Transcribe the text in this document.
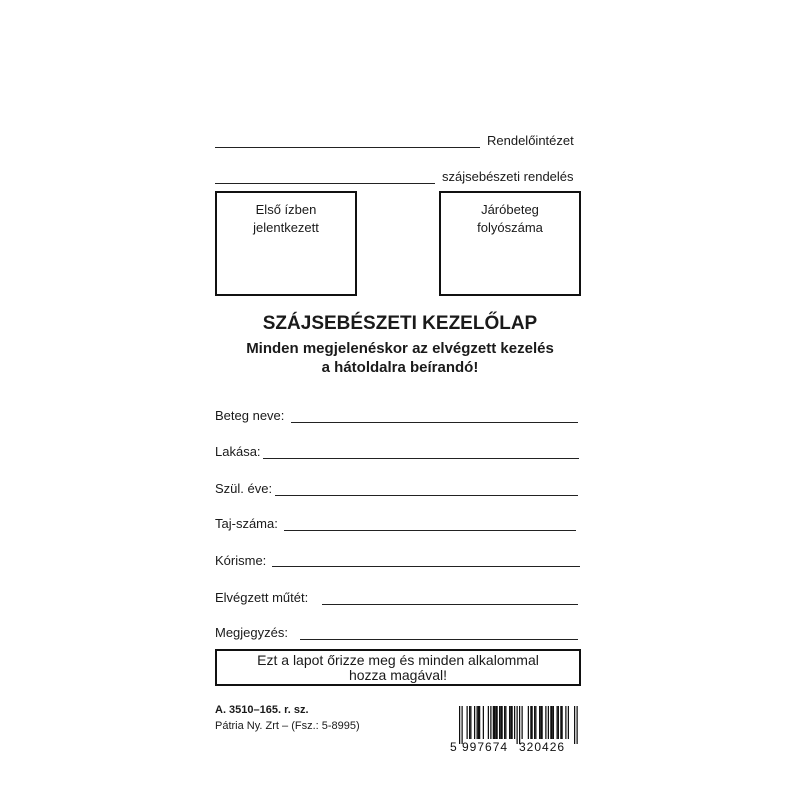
Rendelőintézet
szájsebészeti rendelés
Első ízben
jelentkezett
Járóbeteg
folyószáma
SZÁJSEBÉSZETI KEZELŐLAP
Minden megjelenéskor az elvégzett kezelés
a hátoldalra beírandó!
Beteg neve:
Lakása:
Szül. éve:
Taj-száma:
Kórisme:
Elvégzett műtét:
Megjegyzés:
Ezt a lapot őrizze meg és minden alkalommal
hozza magával!
A. 3510–165. r. sz.
Pátria Ny. Zrt – (Fsz.: 5-8995)
5 997674 320426
